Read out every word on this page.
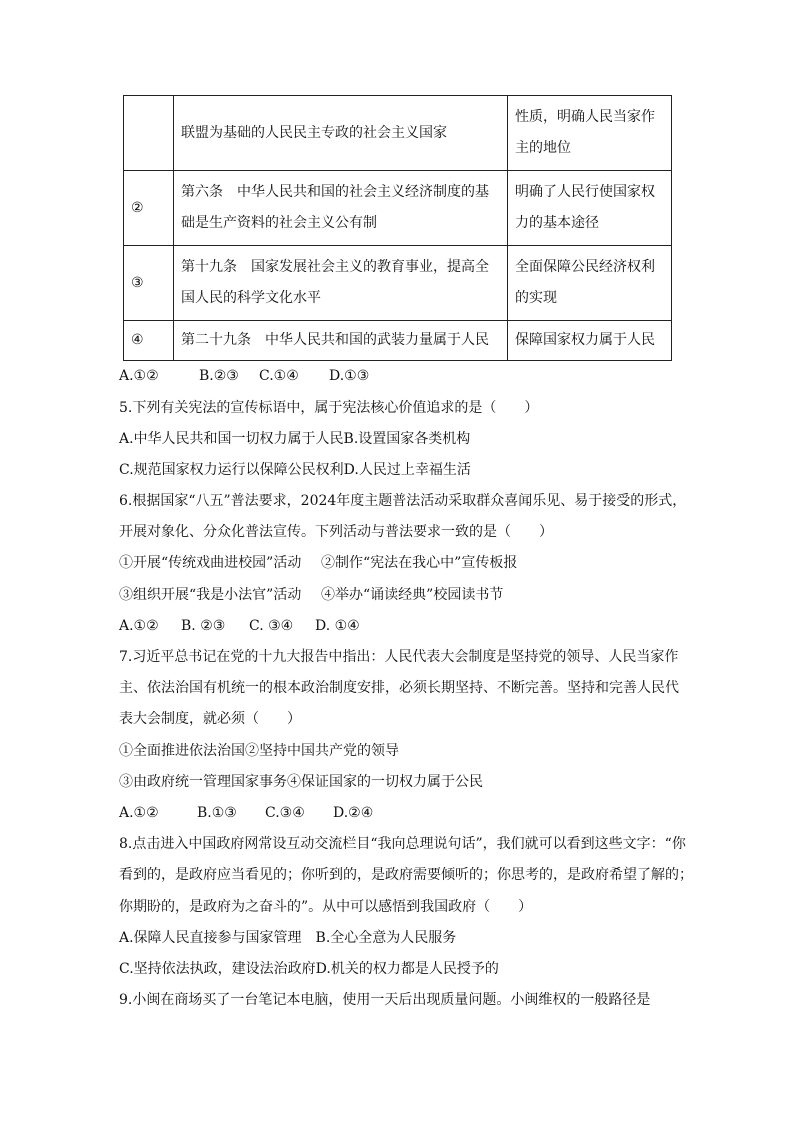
	联盟为基础的人民民主专政的社会主义国家	性质，明确人民当家作主的地位
②	第六条　中华人民共和国的社会主义经济制度的基础是生产资料的社会主义公有制	明确了人民行使国家权力的基本途径
③	第十九条　国家发展社会主义的教育事业，提高全国人民的科学文化水平	全面保障公民经济权利的实现
④	第二十九条　中华人民共和国的武装力量属于人民	保障国家权力属于人民
A.①②	B.②③ C.①④ D.①③
5.下列有关宪法的宣传标语中，属于宪法核心价值追求的是（　　）
A.中华人民共和国一切权力属于人民B.设置国家各类机构
C.规范国家权力运行以保障公民权利D.人民过上幸福生活
6.根据国家“八五”普法要求，2024年度主题普法活动采取群众喜闻乐见、易于接受的形式，
开展对象化、分众化普法宣传。下列活动与普法要求一致的是（　　）
①开展“传统戏曲进校园”活动 ②制作“宪法在我心中”宣传板报
③组织开展“我是小法官”活动 ④举办“诵读经典”校园读书节
A.①② B. ②③ C. ③④ D. ①④
7.习近平总书记在党的十九大报告中指出：人民代表大会制度是坚持党的领导、人民当家作
主、依法治国有机统一的根本政治制度安排，必须长期坚持、不断完善。坚持和完善人民代
表大会制度，就必须（　　）
①全面推进依法治国②坚持中国共产党的领导
③由政府统一管理国家事务④保证国家的一切权力属于公民
A.①②	B.①③ C.③④ D.②④
8.点击进入中国政府网常设互动交流栏目“我向总理说句话”，我们就可以看到这些文字：“你
看到的，是政府应当看见的；你听到的，是政府需要倾听的；你思考的，是政府希望了解的；
你期盼的，是政府为之奋斗的”。从中可以感悟到我国政府（　　）
A.保障人民直接参与国家管理　B.全心全意为人民服务
C.坚持依法执政，建设法治政府D.机关的权力都是人民授予的
9.小闽在商场买了一台笔记本电脑，使用一天后出现质量问题。小闽维权的一般路径是
